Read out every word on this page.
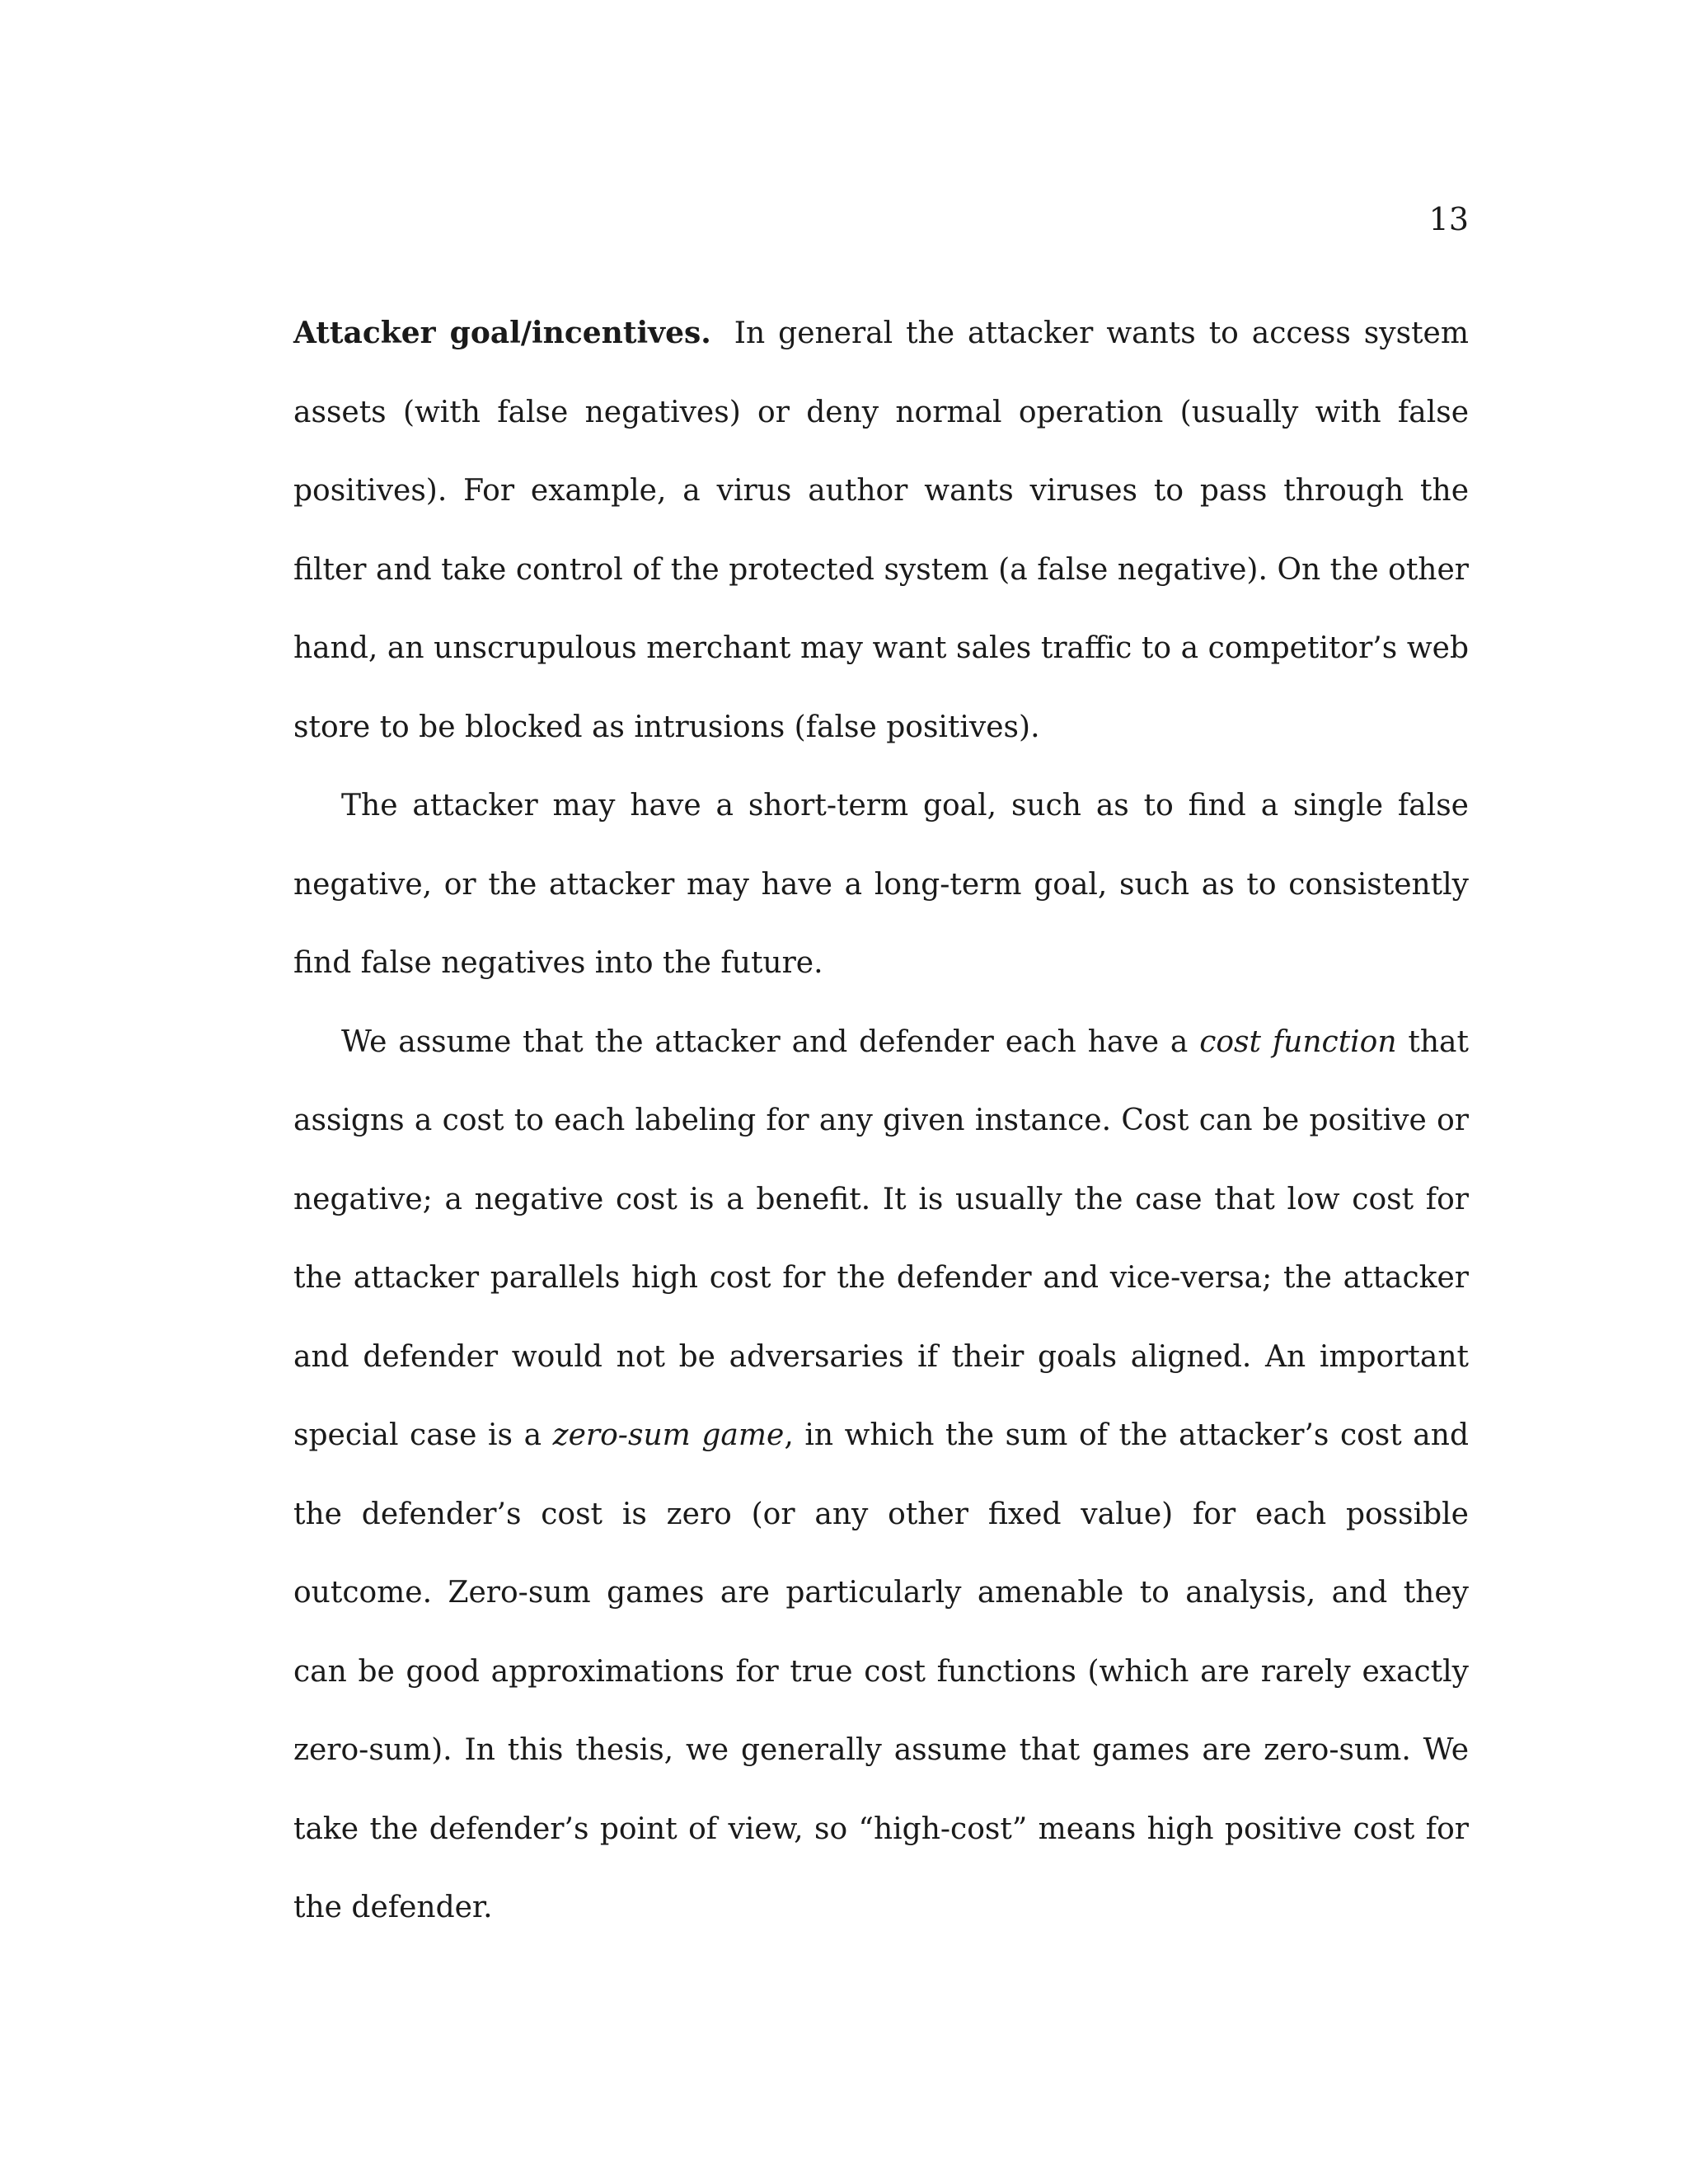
13

Attacker goal/incentives. In general the attacker wants to access system assets (with false negatives) or deny normal operation (usually with false positives). For example, a virus author wants viruses to pass through the filter and take control of the protected system (a false negative). On the other hand, an unscrupulous merchant may want sales traffic to a competitor’s web store to be blocked as intrusions (false positives).

The attacker may have a short-term goal, such as to find a single false negative, or the attacker may have a long-term goal, such as to consistently find false negatives into the future.

We assume that the attacker and defender each have a cost function that assigns a cost to each labeling for any given instance. Cost can be positive or negative; a negative cost is a benefit. It is usually the case that low cost for the attacker parallels high cost for the defender and vice-versa; the attacker and defender would not be adversaries if their goals aligned. An important special case is a zero-sum game, in which the sum of the attacker’s cost and the defender’s cost is zero (or any other fixed value) for each possible outcome. Zero-sum games are particularly amenable to analysis, and they can be good approximations for true cost functions (which are rarely exactly zero-sum). In this thesis, we generally assume that games are zero-sum. We take the defender’s point of view, so “high-cost” means high positive cost for the defender.
